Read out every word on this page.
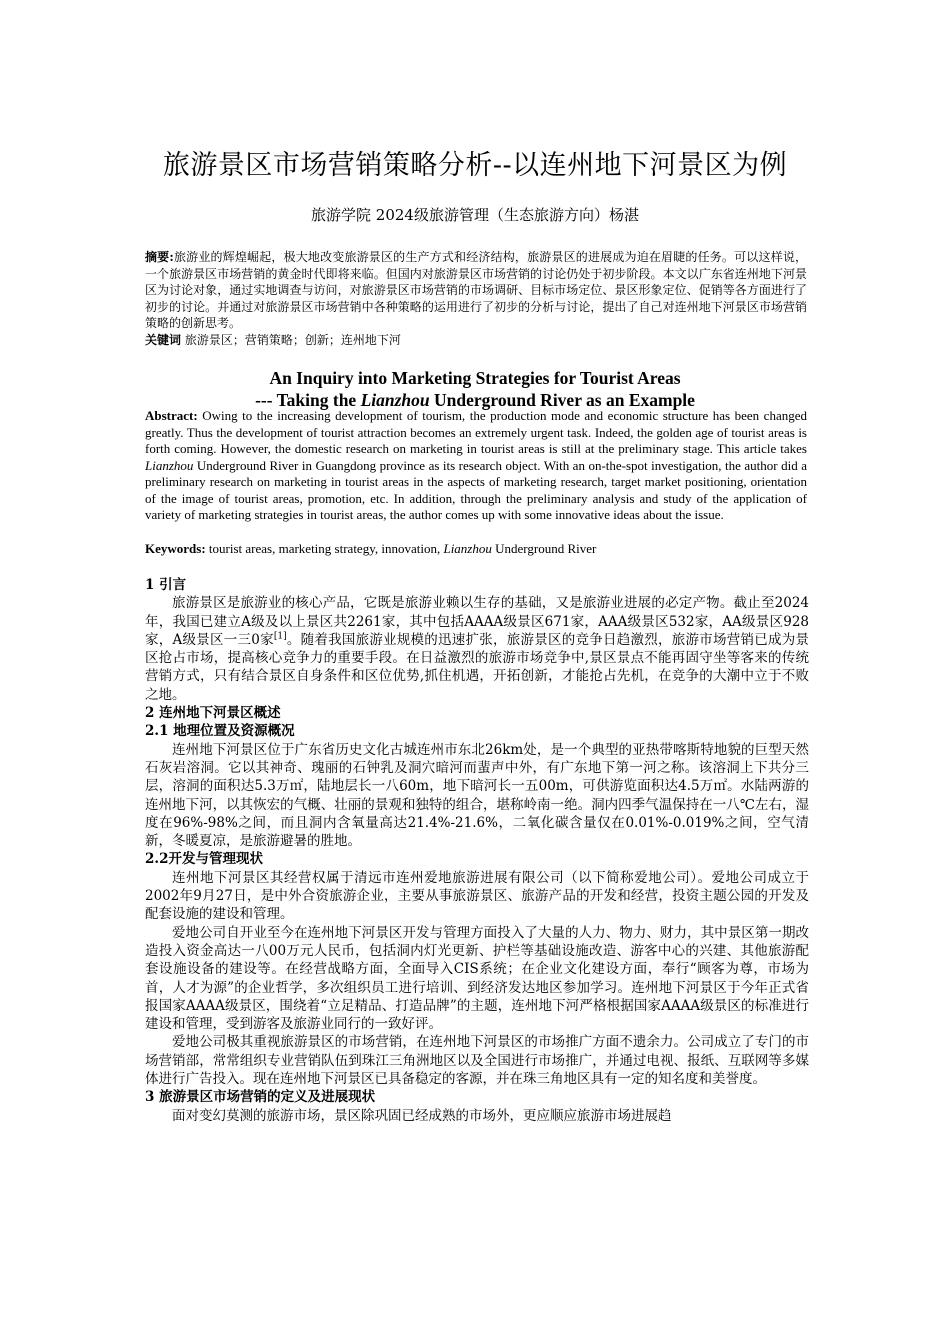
旅游景区市场营销策略分析--以连州地下河景区为例
旅游学院 2024级旅游管理（生态旅游方向）杨湛
摘要:旅游业的辉煌崛起，极大地改变旅游景区的生产方式和经济结构，旅游景区的进展成为迫在眉睫的任务。可以这样说，一个旅游景区市场营销的黄金时代即将来临。但国内对旅游景区市场营销的讨论仍处于初步阶段。本文以广东省连州地下河景区为讨论对象，通过实地调查与访问，对旅游景区市场营销的市场调研、目标市场定位、景区形象定位、促销等各方面进行了初步的讨论。并通过对旅游景区市场营销中各种策略的运用进行了初步的分析与讨论，提出了自己对连州地下河景区市场营销策略的创新思考。
关键词 旅游景区；营销策略；创新；连州地下河
An Inquiry into Marketing Strategies for Tourist Areas
--- Taking the Lianzhou Underground River as an Example
Abstract: Owing to the increasing development of tourism, the production mode and economic structure has been changed greatly. Thus the development of tourist attraction becomes an extremely urgent task. Indeed, the golden age of tourist areas is forth coming. However, the domestic research on marketing in tourist areas is still at the preliminary stage. This article takes Lianzhou Underground River in Guangdong province as its research object. With an on-the-spot investigation, the author did a preliminary research on marketing in tourist areas in the aspects of marketing research, target market positioning, orientation of the image of tourist areas, promotion, etc. In addition, through the preliminary analysis and study of the application of variety of marketing strategies in tourist areas, the author comes up with some innovative ideas about the issue.
Keywords: tourist areas, marketing strategy, innovation, Lianzhou Underground River

1 引言

旅游景区是旅游业的核心产品，它既是旅游业赖以生存的基础，又是旅游业进展的必定产物。截止至2024年，我国已建立A级及以上景区共2261家，其中包括AAAA级景区671家，AAA级景区532家，AA级景区928家，A级景区一三0家[1]。随着我国旅游业规模的迅速扩张，旅游景区的竞争日趋激烈，旅游市场营销已成为景区抢占市场，提高核心竞争力的重要手段。在日益激烈的旅游市场竞争中,景区景点不能再固守坐等客来的传统营销方式，只有结合景区自身条件和区位优势,抓住机遇，开拓创新，才能抢占先机，在竞争的大潮中立于不败之地。

2 连州地下河景区概述

2.1 地理位置及资源概况

连州地下河景区位于广东省历史文化古城连州市东北26km处，是一个典型的亚热带喀斯特地貌的巨型天然石灰岩溶洞。它以其神奇、瑰丽的石钟乳及洞穴暗河而蜚声中外，有广东地下第一河之称。该溶洞上下共分三层，溶洞的面积达5.3万㎡，陆地层长一八60m，地下暗河长一五00m，可供游览面积达4.5万㎡。水陆两游的连州地下河，以其恢宏的气概、壮丽的景观和独特的组合，堪称岭南一绝。洞内四季气温保持在一八℃左右，湿度在96%-98%之间，而且洞内含氧量高达21.4%-21.6%，二氧化碳含量仅在0.01%-0.019%之间，空气清新，冬暖夏凉，是旅游避暑的胜地。

2.2开发与管理现状

连州地下河景区其经营权属于清远市连州爱地旅游进展有限公司（以下简称爱地公司）。爱地公司成立于2002年9月27日，是中外合资旅游企业，主要从事旅游景区、旅游产品的开发和经营，投资主题公园的开发及配套设施的建设和管理。

爱地公司自开业至今在连州地下河景区开发与管理方面投入了大量的人力、物力、财力，其中景区第一期改造投入资金高达一八00万元人民币，包括洞内灯光更新、护栏等基础设施改造、游客中心的兴建、其他旅游配套设施设备的建设等。在经营战略方面，全面导入CIS系统；在企业文化建设方面，奉行“顾客为尊，市场为首，人才为源”的企业哲学，多次组织员工进行培训、到经济发达地区参加学习。连州地下河景区于今年正式省报国家AAAA级景区，围绕着“立足精品、打造品牌”的主题，连州地下河严格根据国家AAAA级景区的标准进行建设和管理，受到游客及旅游业同行的一致好评。

爱地公司极其重视旅游景区的市场营销，在连州地下河景区的市场推广方面不遗余力。公司成立了专门的市场营销部，常常组织专业营销队伍到珠江三角洲地区以及全国进行市场推广，并通过电视、报纸、互联网等多媒体进行广告投入。现在连州地下河景区已具备稳定的客源，并在珠三角地区具有一定的知名度和美誉度。

3 旅游景区市场营销的定义及进展现状

面对变幻莫测的旅游市场，景区除巩固已经成熟的市场外，更应顺应旅游市场进展趋
